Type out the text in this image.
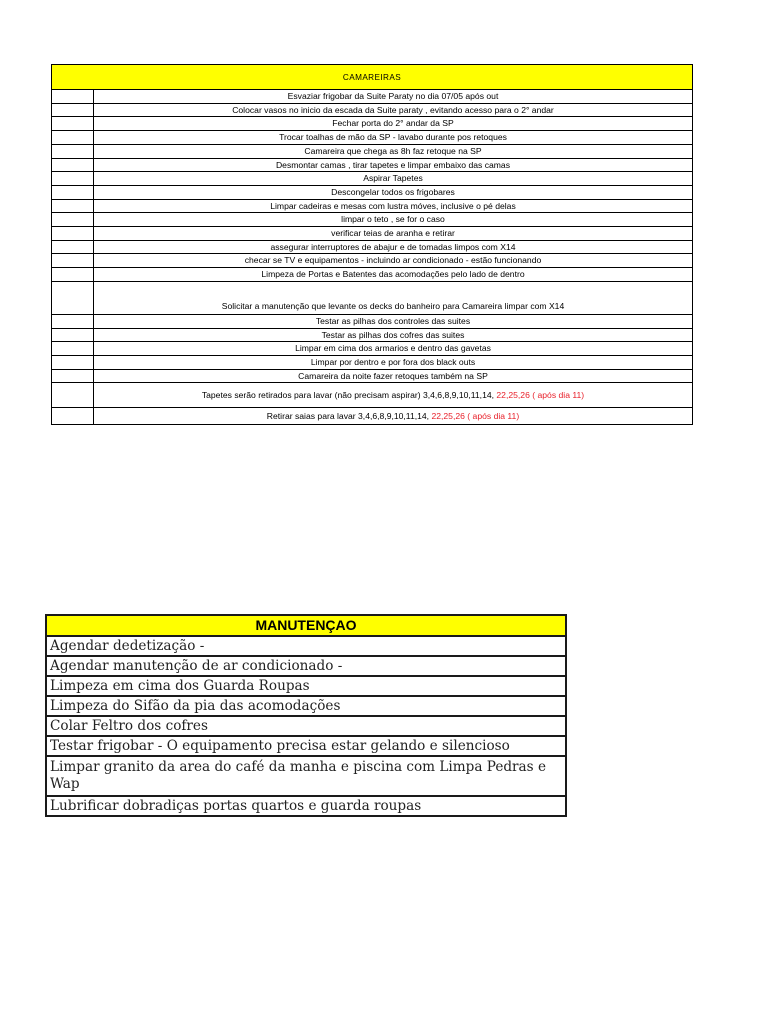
CAMAREIRAS	
	Esvaziar frigobar da Suite Paraty no dia 07/05 após out
	Colocar vasos no inicio da escada da Suite paraty , evitando acesso para o 2° andar
	Fechar porta do 2° andar da SP
	Trocar toalhas de mão da SP - lavabo durante pos retoques
	Camareira que chega as 8h faz retoque na SP
	Desmontar camas , tirar tapetes e limpar embaixo das camas
	Aspirar Tapetes
	Descongelar todos os frigobares
	Limpar cadeiras e mesas com lustra móves, inclusive o pé delas
	limpar o teto , se for o caso
	verificar teias de aranha e retirar
	assegurar interruptores de abajur e de tomadas limpos com X14
	checar se TV e equipamentos - incluindo ar condicionado - estão funcionando
	Limpeza de Portas e Batentes das acomodações pelo lado de dentro
	Solicitar a manutenção que levante os decks do banheiro para Camareira limpar com X14
	Testar as pilhas dos controles das suites
	Testar as pilhas dos cofres das suites
	Limpar em cima dos armarios e dentro das gavetas
	Limpar por dentro e por fora dos black outs
	Camareira da noite fazer retoques também na SP
	Tapetes serão retirados para lavar (não precisam aspirar) 3,4,6,8,9,10,11,14, 22,25,26 ( após dia 11)
	Retirar saias para lavar 3,4,6,8,9,10,11,14, 22,25,26 ( após dia 11)
MANUTENÇAO
Agendar dedetização -
Agendar manutenção de ar condicionado -
Limpeza em cima dos Guarda Roupas
Limpeza do Sifão da pia das acomodações
Colar Feltro dos cofres
Testar frigobar - O equipamento precisa estar gelando e silencioso
Limpar granito da area do café da manha e piscina com Limpa Pedras e Wap
Lubrificar dobradiças portas quartos e guarda roupas
